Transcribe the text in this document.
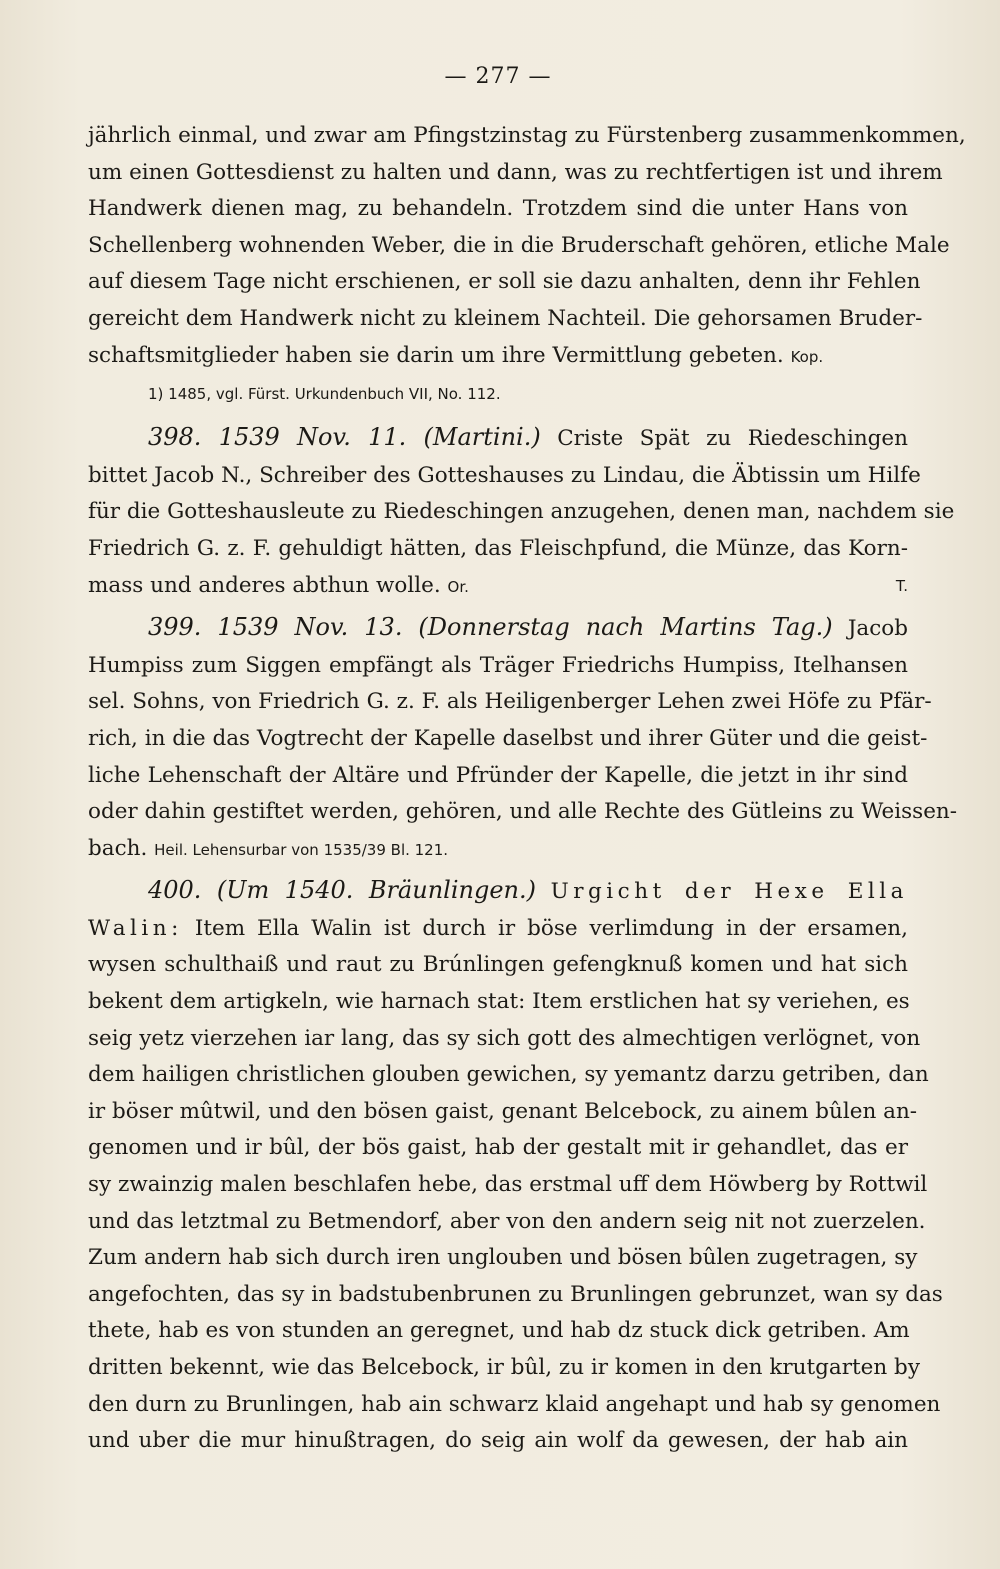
— 277 —
jährlich einmal, und zwar am Pfingstzinstag zu Fürstenberg zusammenkommen,
um einen Gottesdienst zu halten und dann, was zu rechtfertigen ist und ihrem
Handwerk dienen mag, zu behandeln. Trotzdem sind die unter Hans von
Schellenberg wohnenden Weber, die in die Bruderschaft gehören, etliche Male
auf diesem Tage nicht erschienen, er soll sie dazu anhalten, denn ihr Fehlen
gereicht dem Handwerk nicht zu kleinem Nachteil. Die gehorsamen Bruder-
schaftsmitglieder haben sie darin um ihre Vermittlung gebeten. Kop.
1) 1485, vgl. Fürst. Urkundenbuch VII, No. 112.
398. 1539 Nov. 11. (Martini.) Criste Spät zu Riedeschingen
bittet Jacob N., Schreiber des Gotteshauses zu Lindau, die Äbtissin um Hilfe
für die Gotteshausleute zu Riedeschingen anzugehen, denen man, nachdem sie
Friedrich G. z. F. gehuldigt hätten, das Fleischpfund, die Münze, das Korn-
mass und anderes abthun wolle. Or.	T.
399. 1539 Nov. 13. (Donnerstag nach Martins Tag.) Jacob
Humpiss zum Siggen empfängt als Träger Friedrichs Humpiss, Itelhansen
sel. Sohns, von Friedrich G. z. F. als Heiligenberger Lehen zwei Höfe zu Pfär-
rich, in die das Vogtrecht der Kapelle daselbst und ihrer Güter und die geist-
liche Lehenschaft der Altäre und Pfründer der Kapelle, die jetzt in ihr sind
oder dahin gestiftet werden, gehören, und alle Rechte des Gütleins zu Weissen-
bach. Heil. Lehensurbar von 1535/39 Bl. 121.
400. (Um 1540. Bräunlingen.) Urgicht der Hexe Ella
Walin: Item Ella Walin ist durch ir böse verlimdung in der ersamen,
wysen schulthaiß und raut zu Brúnlingen gefengknuß komen und hat sich
bekent dem artigkeln, wie harnach stat: Item erstlichen hat sy veriehen, es
seig yetz vierzehen iar lang, das sy sich gott des almechtigen verlögnet, von
dem hailigen christlichen glouben gewichen, sy yemantz darzu getriben, dan
ir böser mûtwil, und den bösen gaist, genant Belcebock, zu ainem bûlen an-
genomen und ir bûl, der bös gaist, hab der gestalt mit ir gehandlet, das er
sy zwainzig malen beschlafen hebe, das erstmal uff dem Höwberg by Rottwil
und das letztmal zu Betmendorf, aber von den andern seig nit not zuerzelen.
Zum andern hab sich durch iren unglouben und bösen bûlen zugetragen, sy
angefochten, das sy in badstubenbrunen zu Brunlingen gebrunzet, wan sy das
thete, hab es von stunden an geregnet, und hab dz stuck dick getriben. Am
dritten bekennt, wie das Belcebock, ir bûl, zu ir komen in den krutgarten by
den durn zu Brunlingen, hab ain schwarz klaid angehapt und hab sy genomen
und uber die mur hinußtragen, do seig ain wolf da gewesen, der hab ain
